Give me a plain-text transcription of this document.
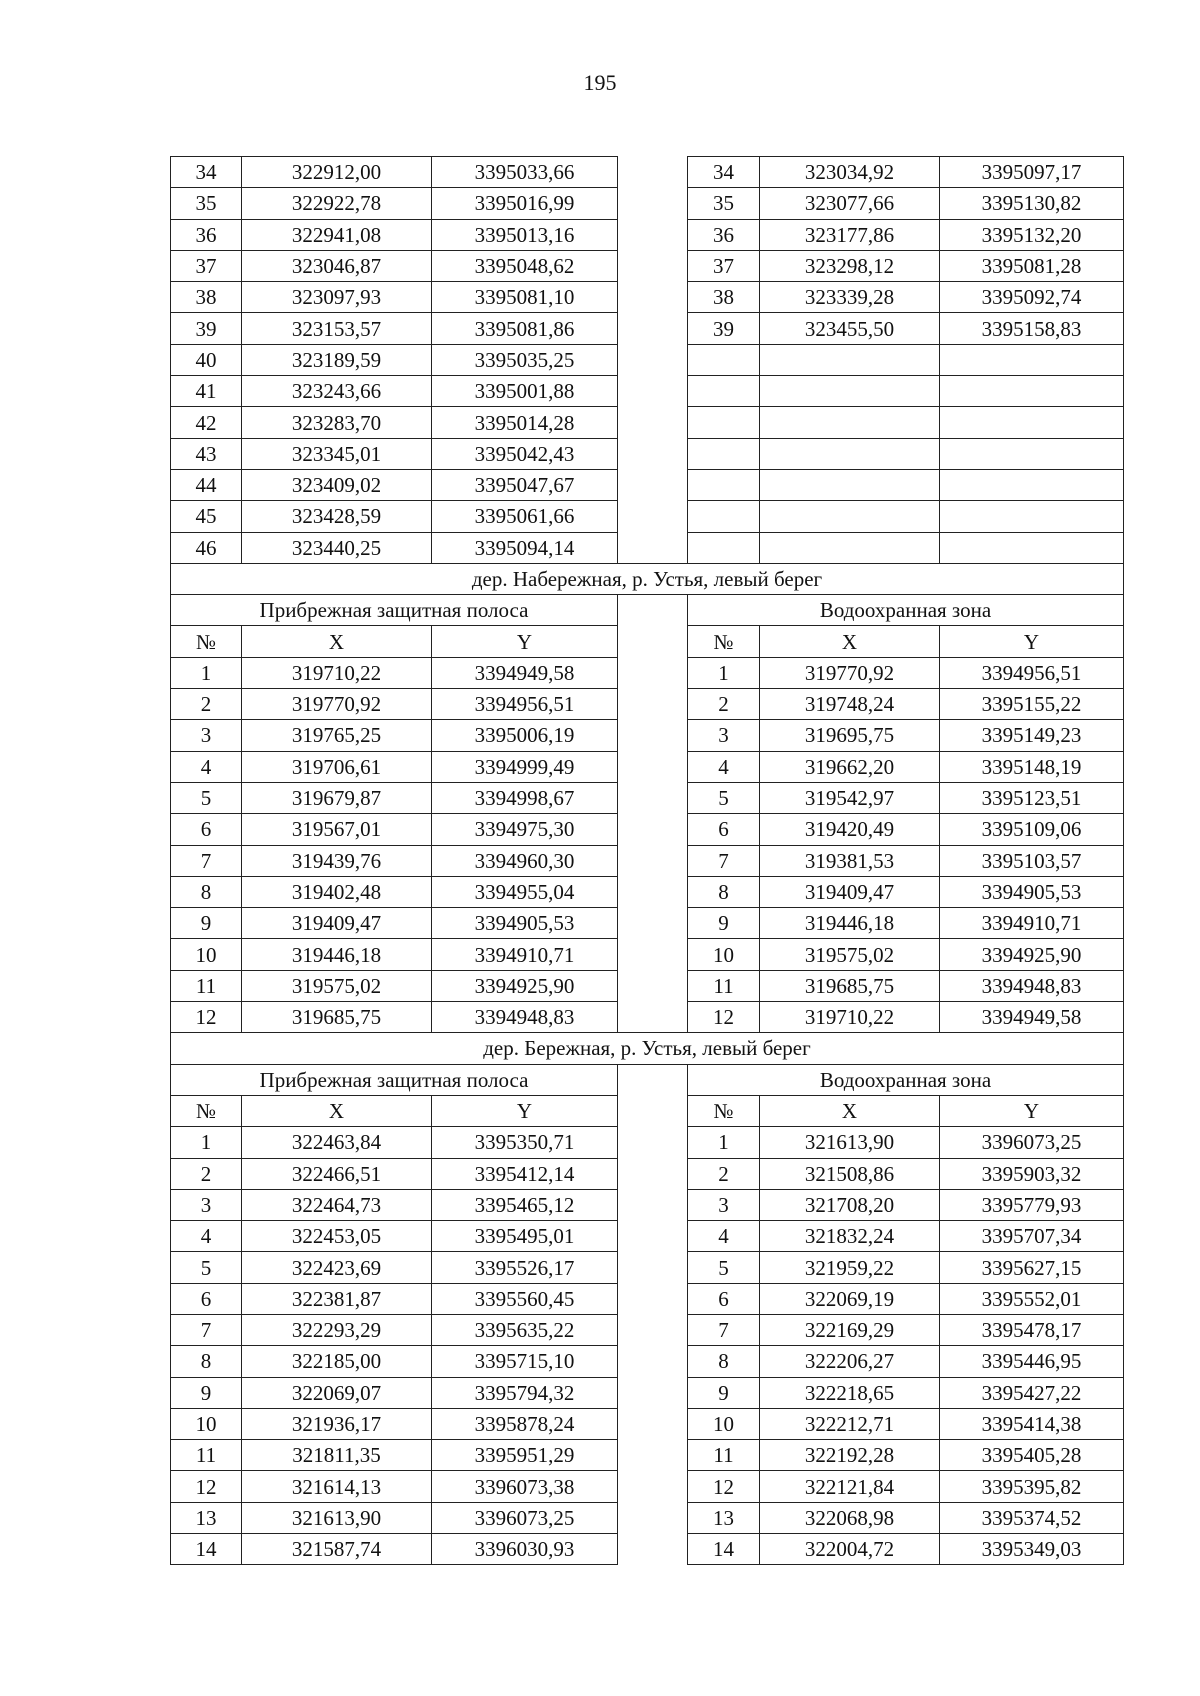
195
34	322912,00	3395033,66		34	323034,92	3395097,17
35	322922,78	3395016,99		35	323077,66	3395130,82
36	322941,08	3395013,16		36	323177,86	3395132,20
37	323046,87	3395048,62		37	323298,12	3395081,28
38	323097,93	3395081,10		38	323339,28	3395092,74
39	323153,57	3395081,86		39	323455,50	3395158,83
40	323189,59	3395035,25				
41	323243,66	3395001,88				
42	323283,70	3395014,28				
43	323345,01	3395042,43				
44	323409,02	3395047,67				
45	323428,59	3395061,66				
46	323440,25	3395094,14				
дер. Набережная, р. Устья, левый берег						
Прибрежная защитная полоса				Водоохранная зона		
№	X	Y		№	X	Y
1	319710,22	3394949,58		1	319770,92	3394956,51
2	319770,92	3394956,51		2	319748,24	3395155,22
3	319765,25	3395006,19		3	319695,75	3395149,23
4	319706,61	3394999,49		4	319662,20	3395148,19
5	319679,87	3394998,67		5	319542,97	3395123,51
6	319567,01	3394975,30		6	319420,49	3395109,06
7	319439,76	3394960,30		7	319381,53	3395103,57
8	319402,48	3394955,04		8	319409,47	3394905,53
9	319409,47	3394905,53		9	319446,18	3394910,71
10	319446,18	3394910,71		10	319575,02	3394925,90
11	319575,02	3394925,90		11	319685,75	3394948,83
12	319685,75	3394948,83		12	319710,22	3394949,58
дер. Бережная, р. Устья, левый берег						
Прибрежная защитная полоса				Водоохранная зона		
№	X	Y		№	X	Y
1	322463,84	3395350,71		1	321613,90	3396073,25
2	322466,51	3395412,14		2	321508,86	3395903,32
3	322464,73	3395465,12		3	321708,20	3395779,93
4	322453,05	3395495,01		4	321832,24	3395707,34
5	322423,69	3395526,17		5	321959,22	3395627,15
6	322381,87	3395560,45		6	322069,19	3395552,01
7	322293,29	3395635,22		7	322169,29	3395478,17
8	322185,00	3395715,10		8	322206,27	3395446,95
9	322069,07	3395794,32		9	322218,65	3395427,22
10	321936,17	3395878,24		10	322212,71	3395414,38
11	321811,35	3395951,29		11	322192,28	3395405,28
12	321614,13	3396073,38		12	322121,84	3395395,82
13	321613,90	3396073,25		13	322068,98	3395374,52
14	321587,74	3396030,93		14	322004,72	3395349,03
